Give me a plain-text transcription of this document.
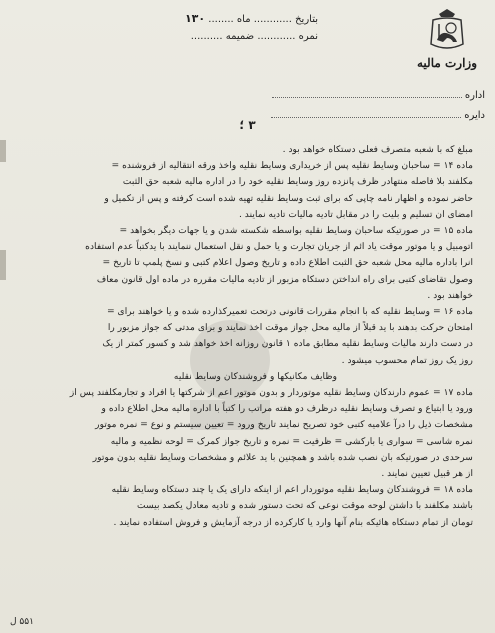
بتاریخ ............ ماه ........ ۱۳۰
نمره ............ ضمیمه ..........
وزارت مالیه
اداره
دایره
۳ ؛
مبلغ که با شعبه متصرف فعلی دستکاه خواهد بود .
ماده ۱۴ = ساحبان وسایط نقلیه پس از خریداری وسایط نقلیه واخذ ورقه انتقالیه از فروشنده =
مکلفند بلا فاصله منتهادر ظرف پانزده روز وسایط نقلیه خود را در اداره مالیه شعبه حق الثبت
حاضر نموده و اظهار نامه چاپی که برای ثبت وسایط نقلیه تهیه شده است کرفته و پس از تکمیل و
امضای ان تسلیم و بلیت را در مقابل تادیه مالیات تادیه نمایند .
ماده ۱۵ = در صورتیکه ساحبان وسایط نقلیه بواسطه شکسته شدن و یا جهات دیگر بخواهد =
اتومبیل و یا موتور موقت یاد ائم از جریان تجارت و یا حمل و نقل استعمال ننمایند با یدکتباً عدم استفاده
انرا باداره مالیه محل شعبه حق الثبت اطلاع داده و تاریخ وصول اعلام کتبی و نسخ پلمپ تا تاریخ =
وصول تقاضای کتبی برای راه انداختن دستکاه مزبور از تادیه مالیات مقرره در ماده اول قانون معاف
خواهند بود .
ماده ۱۶ = وسایط نقلیه که با انجام مقررات قانونی درتحت تعمیرکذارده شده و یا خواهند برای =
امتحان حرکت بدهند با ید قبلاً از مالیه محل جواز موقت اخذ نمایند و برای مدتی که جواز مزبور را
در دست دارند مالیات وسایط نقلیه مطابق ماده ۱ قانون روزانه اخذ خواهد شد و کسور کمتر از یک
روز یک روز تمام محسوب میشود .
وظایف مکانیکها و فروشندکان وسایط نقلیه
ماده ۱۷ = عموم دارندکان وسایط نقلیه موتوردار و بدون موتور اعم از شرکتها یا افراد و تجارمکلفند پس از
ورود یا ابتیاع و تصرف وسایط نقلیه درظرف دو هفته مراتب را کتباً با اداره مالیه محل اطلاع داده و
مشخصات ذیل را درآ علامیه کتبی خود تصریح نمایند تاریخ ورود = تعیین سیستم و نوع = نمره موتور
نمره شاسی = سواری یا بارکشی = ظرفیت = نمره و تاریخ جواز کمرک = لوحه نظمیه و مالیه
سرحدی در صورتیکه بان نصب شده باشد و همچنین با ید علائم و مشخصات وسایط نقلیه بدون موتور
از هر قبیل تعیین نمایند .
ماده ۱۸ = فروشندکان وسایط نقلیه موتوردار اعم از اینکه دارای یک یا چند دستکاه وسایط نقلیه
باشند مکلفند با داشتن لوحه موقت نوعی که تحت دستور شده و تادیه معادل یکصد بیست
تومان از تمام دستکاه هائیکه بنام آنها وارد یا کارکرده از درجه آزمایش و فروش استفاده نمایند .
۵۵۱ ل
